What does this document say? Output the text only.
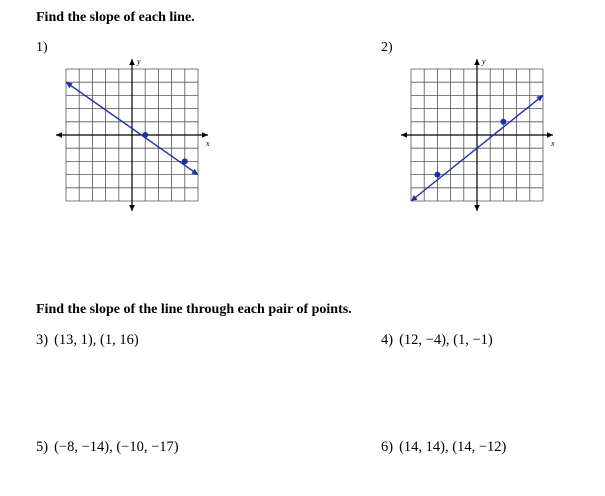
Find the slope of each line.
1)
x
y
2)
x
y
Find the slope of the line through each pair of points.
3) (13, 1), (1, 16)	4) (12, −4), (1, −1)
5) (−8, −14), (−10, −17)	6) (14, 14), (14, −12)
